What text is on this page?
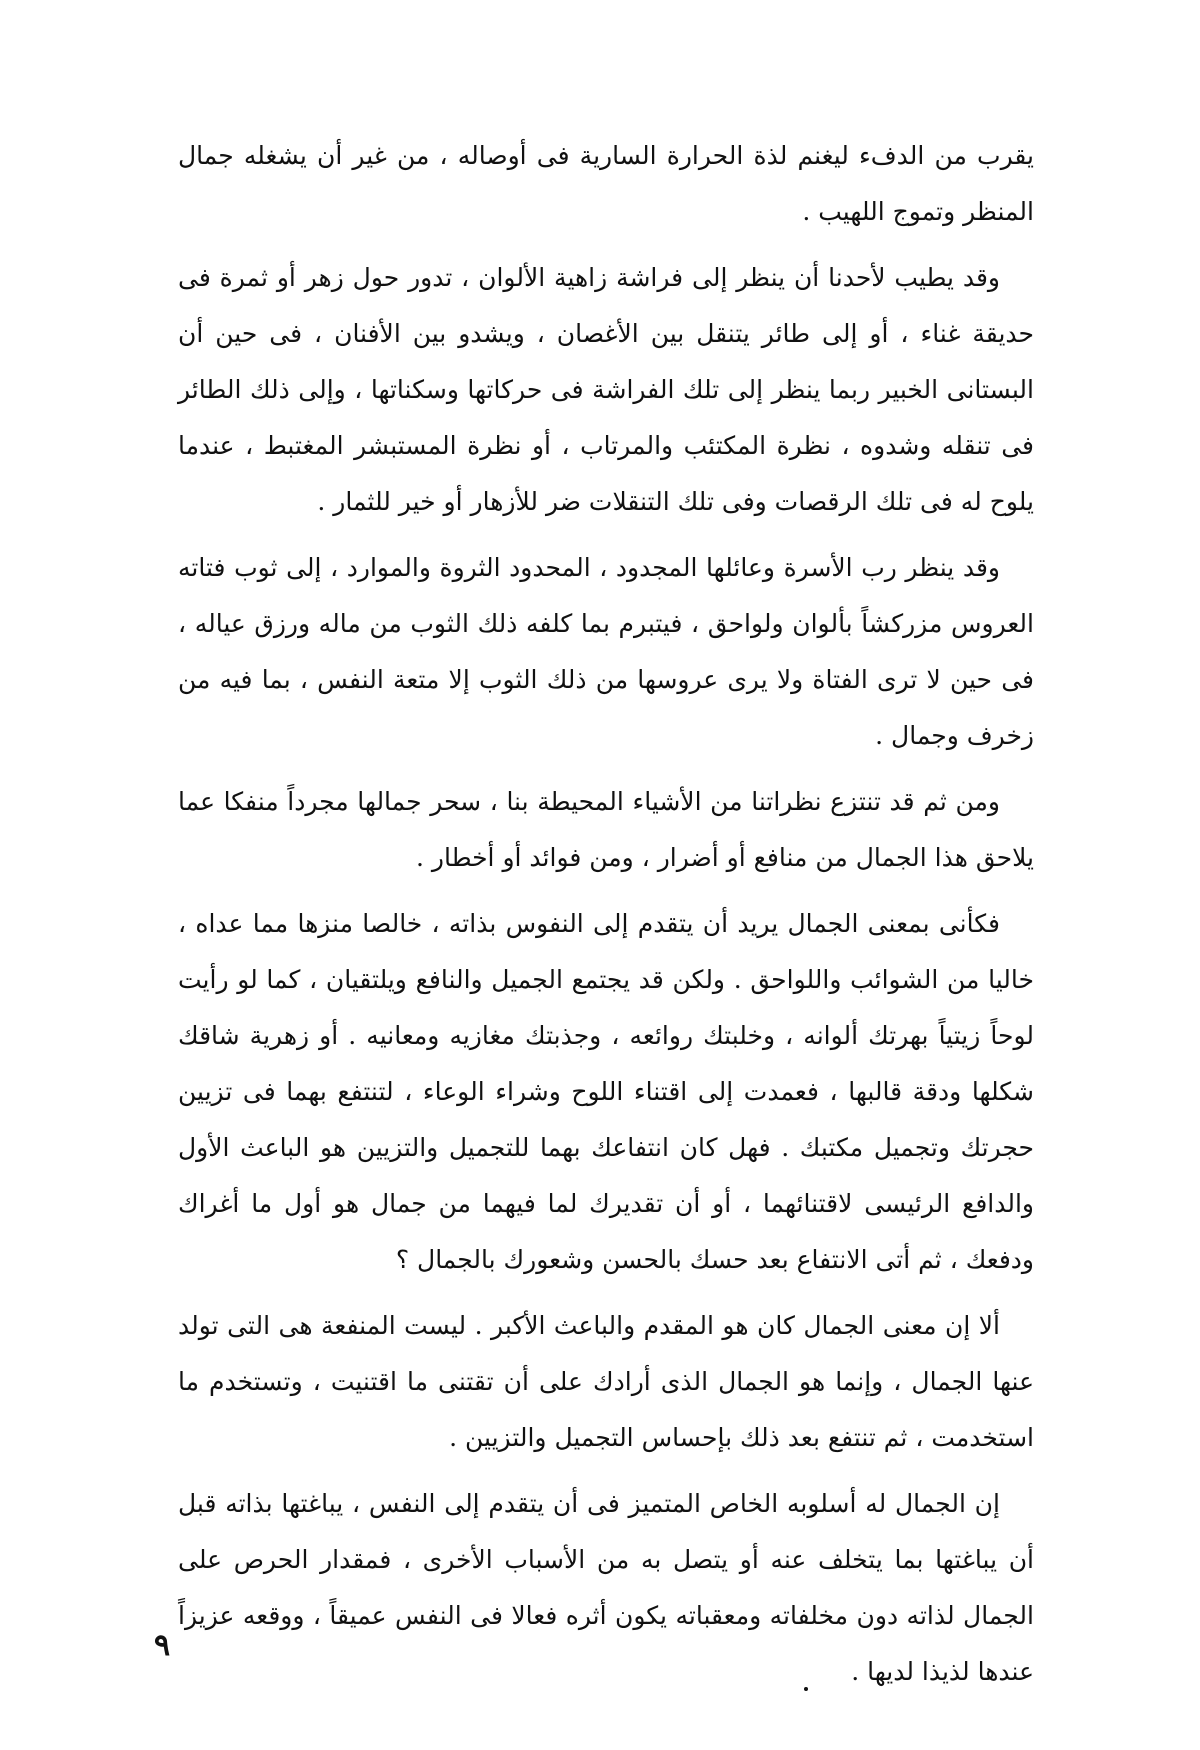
يقرب من الدفء ليغنم لذة الحرارة السارية فى أوصاله ، من غير أن يشغله جمال المنظر وتموج اللهيب .

وقد يطيب لأحدنا أن ينظر إلى فراشة زاهية الألوان ، تدور حول زهر أو ثمرة فى حديقة غناء ، أو إلى طائر يتنقل بين الأغصان ، ويشدو بين الأفنان ، فى حين أن البستانى الخبير ربما ينظر إلى تلك الفراشة فى حركاتها وسكناتها ، وإلى ذلك الطائر فى تنقله وشدوه ، نظرة المكتئب والمرتاب ، أو نظرة المستبشر المغتبط ، عندما يلوح له فى تلك الرقصات وفى تلك التنقلات ضر للأزهار أو خير للثمار .

وقد ينظر رب الأسرة وعائلها المجدود ، المحدود الثروة والموارد ، إلى ثوب فتاته العروس مزركشاً بألوان ولواحق ، فيتبرم بما كلفه ذلك الثوب من ماله ورزق عياله ، فى حين لا ترى الفتاة ولا يرى عروسها من ذلك الثوب إلا متعة النفس ، بما فيه من زخرف وجمال .

ومن ثم قد تنتزع نظراتنا من الأشياء المحيطة بنا ، سحر جمالها مجرداً منفكا عما يلاحق هذا الجمال من منافع أو أضرار ، ومن فوائد أو أخطار .

فكأنى بمعنى الجمال يريد أن يتقدم إلى النفوس بذاته ، خالصا منزها مما عداه ، خاليا من الشوائب واللواحق . ولكن قد يجتمع الجميل والنافع ويلتقيان ، كما لو رأيت لوحاً زيتياً بهرتك ألوانه ، وخلبتك روائعه ، وجذبتك مغازيه ومعانيه . أو زهرية شاقك شكلها ودقة قالبها ، فعمدت إلى اقتناء اللوح وشراء الوعاء ، لتنتفع بهما فى تزيين حجرتك وتجميل مكتبك . فهل كان انتفاعك بهما للتجميل والتزيين هو الباعث الأول والدافع الرئيسى لاقتنائهما ، أو أن تقديرك لما فيهما من جمال هو أول ما أغراك ودفعك ، ثم أتى الانتفاع بعد حسك بالحسن وشعورك بالجمال ؟

ألا إن معنى الجمال كان هو المقدم والباعث الأكبر . ليست المنفعة هى التى تولد عنها الجمال ، وإنما هو الجمال الذى أرادك على أن تقتنى ما اقتنيت ، وتستخدم ما استخدمت ، ثم تنتفع بعد ذلك بإحساس التجميل والتزيين .

إن الجمال له أسلوبه الخاص المتميز فى أن يتقدم إلى النفس ، يباغتها بذاته قبل أن يباغتها بما يتخلف عنه أو يتصل به من الأسباب الأخرى ، فمقدار الحرص على الجمال لذاته دون مخلفاته ومعقباته يكون أثره فعالا فى النفس عميقاً ، ووقعه عزيزاً عندها لذيذا لديها .

٩
